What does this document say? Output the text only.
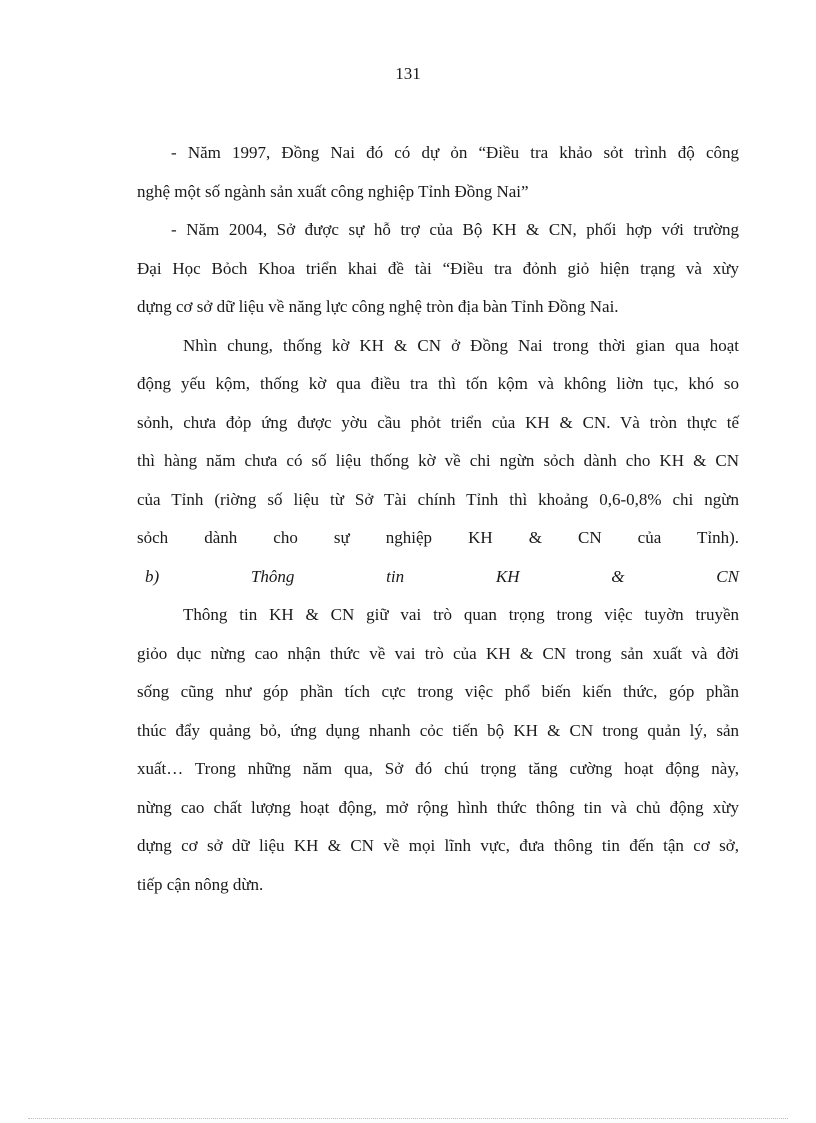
131

- Năm 1997, Đồng Nai đó có dự ỏn “Điều tra khảo sỏt trình độ công
nghệ một số ngành sản xuất công nghiệp Tỉnh Đồng Nai”

- Năm 2004, Sở được sự hỗ trợ của Bộ KH & CN, phối hợp với trường
Đại Học Bỏch Khoa triển khai đề tài “Điều tra đỏnh giỏ hiện trạng và xừy
dựng cơ sở dữ liệu về năng lực công nghệ tròn địa bàn Tỉnh Đồng Nai.

Nhìn chung, thống kờ KH & CN ở Đồng Nai trong thời gian qua hoạt
động yếu kộm, thống kờ qua điều tra thì tốn kộm và không liờn tục, khó so
sỏnh, chưa đỏp ứng được yờu cầu phỏt triển của KH & CN. Và tròn thực tế
thì hàng năm chưa có số liệu thống kờ về chi ngừn sỏch dành cho KH & CN
của Tỉnh (riờng số liệu từ Sở Tài chính Tỉnh thì khoảng 0,6-0,8% chi ngừn
sỏch dành cho sự nghiệp KH & CN của Tỉnh).

b)	Thông	tin	KH	&	CN

Thông tin KH & CN giữ vai trò quan trọng trong việc tuyờn truyền
giỏo dục nừng cao nhận thức về vai trò của KH & CN trong sản xuất và đời
sống cũng như góp phần tích cực trong việc phổ biến kiến thức, góp phần
thúc đẩy quảng bỏ, ứng dụng nhanh cỏc tiến bộ KH & CN trong quản lý, sản
xuất… Trong những năm qua, Sở đó chú trọng tăng cường hoạt động này,
nừng cao chất lượng hoạt động, mở rộng hình thức thông tin và chủ động xừy
dựng cơ sở dữ liệu KH & CN về mọi lĩnh vực, đưa thông tin đến tận cơ sở,
tiếp cận nông dừn.
